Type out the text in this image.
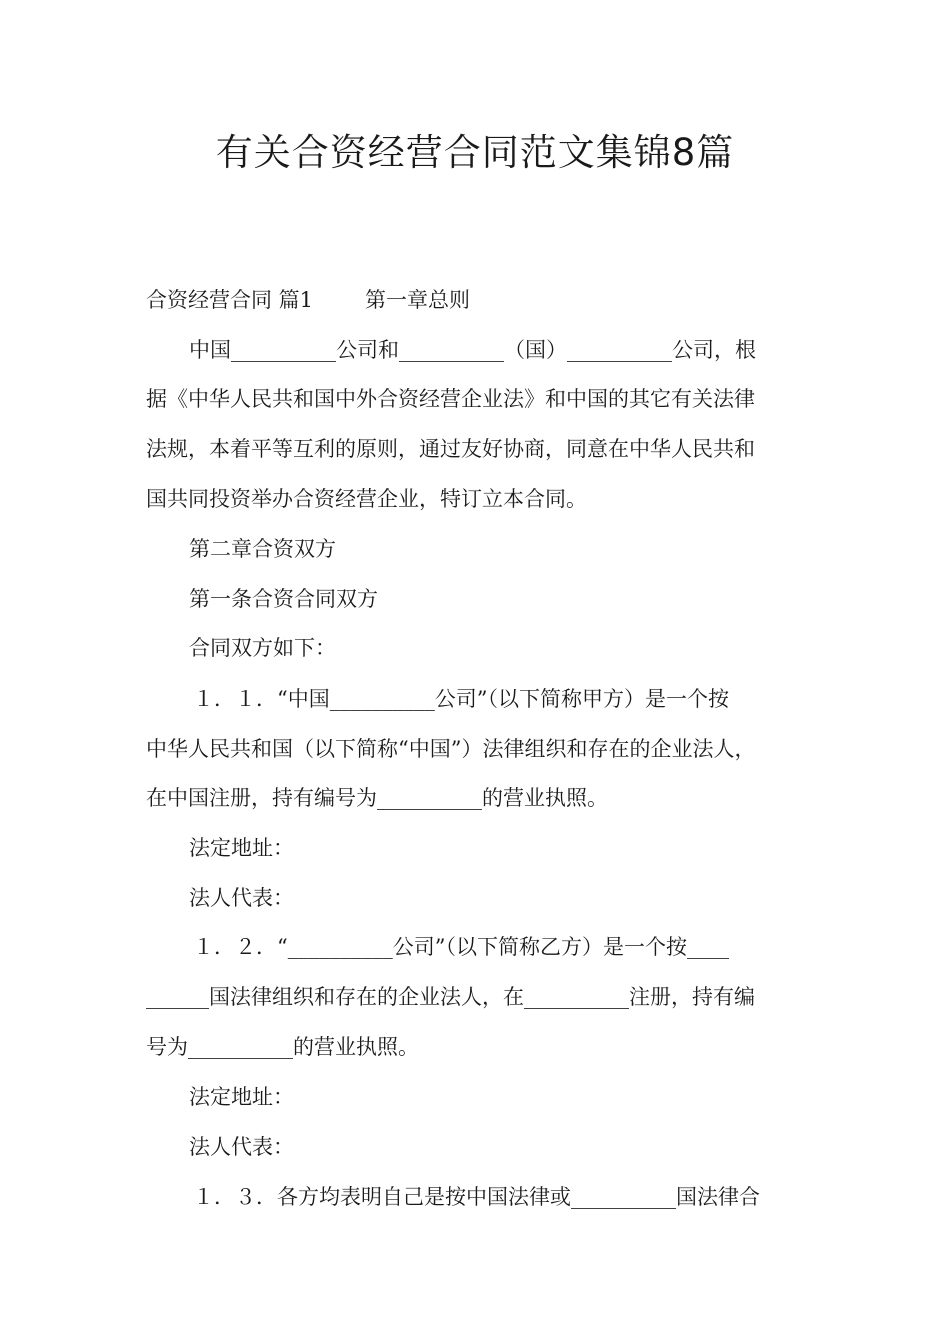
有关合资经营合同范文集锦8篇
合资经营合同 篇1 第一章总则
中国__________公司和__________（国）__________公司，根
据《中华人民共和国中外合资经营企业法》和中国的其它有关法律
法规，本着平等互利的原则，通过友好协商，同意在中华人民共和
国共同投资举办合资经营企业，特订立本合同。
第二章合资双方
第一条合资合同双方
合同双方如下：
１．１．“中国__________公司”（以下简称甲方）是一个按
中华人民共和国（以下简称“中国”）法律组织和存在的企业法人，
在中国注册，持有编号为__________的营业执照。
法定地址：
法人代表：
１．２．“__________公司”（以下简称乙方）是一个按____
______国法律组织和存在的企业法人，在__________注册，持有编
号为__________的营业执照。
法定地址：
法人代表：
１．３．各方均表明自己是按中国法律或__________国法律合
